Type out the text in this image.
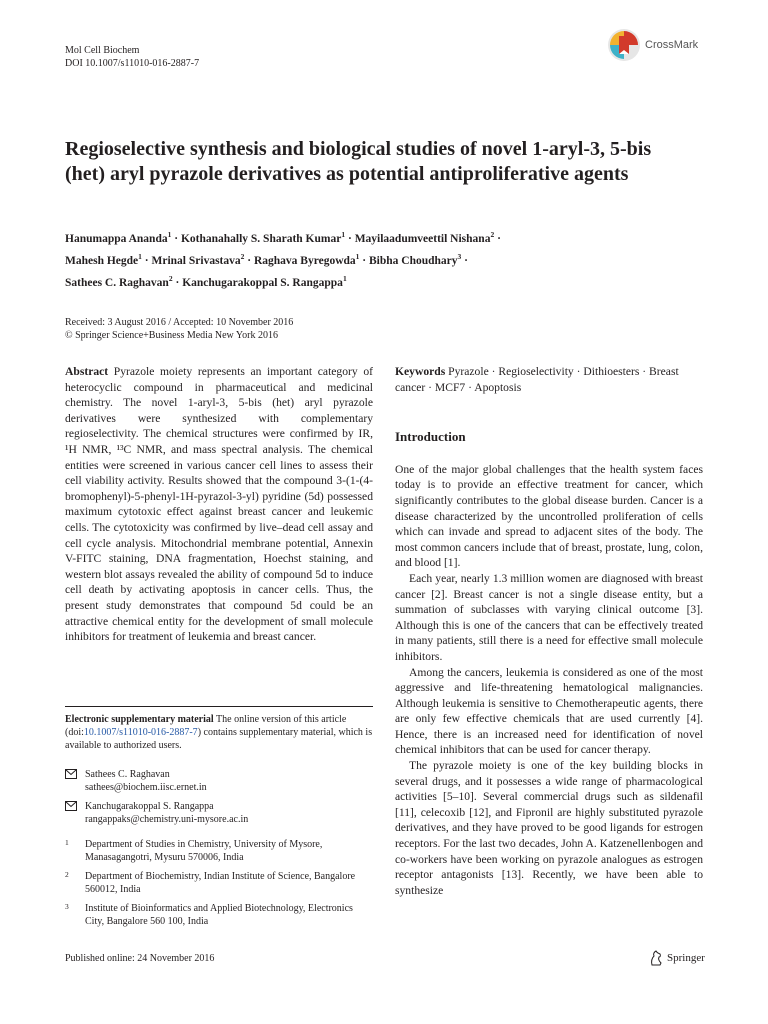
Mol Cell Biochem
DOI 10.1007/s11010-016-2887-7
CrossMark
Regioselective synthesis and biological studies of novel 1-aryl-3, 5-bis (het) aryl pyrazole derivatives as potential antiproliferative agents
Hanumappa Ananda$^1$ · Kothanahally S. Sharath Kumar$^1$ · Mayilaadumveettil Nishana$^2$ ·
Mahesh Hegde$^1$ · Mrinal Srivastava$^2$ · Raghava Byregowda$^1$ · Bibha Choudhary$^3$ ·
Sathees C. Raghavan$^2$ · Kanchugarakoppal S. Rangappa$^1$
Received: 3 August 2016 / Accepted: 10 November 2016
© Springer Science+Business Media New York 2016
Abstract Pyrazole moiety represents an important category of heterocyclic compound in pharmaceutical and medicinal chemistry. The novel 1-aryl-3, 5-bis (het) aryl pyrazole derivatives were synthesized with complementary regioselectivity. The chemical structures were confirmed by IR, ¹H NMR, ¹³C NMR, and mass spectral analysis. The chemical entities were screened in various cancer cell lines to assess their cell viability activity. Results showed that the compound 3-(1-(4-bromophenyl)-5-phenyl-1H-pyrazol-3-yl) pyridine (5d) possessed maximum cytotoxic effect against breast cancer and leukemic cells. The cytotoxicity was confirmed by live–dead cell assay and cell cycle analysis. Mitochondrial membrane potential, Annexin V-FITC staining, DNA fragmentation, Hoechst staining, and western blot assays revealed the ability of compound 5d to induce cell death by activating apoptosis in cancer cells. Thus, the present study demonstrates that compound 5d could be an attractive chemical entity for the development of small molecule inhibitors for treatment of leukemia and breast cancer.
Electronic supplementary material The online version of this article (doi:10.1007/s11010-016-2887-7) contains supplementary material, which is available to authorized users.
Sathees C. Raghavan
sathees@biochem.iisc.ernet.in
Kanchugarakoppal S. Rangappa
rangappaks@chemistry.uni-mysore.ac.in
1	Department of Studies in Chemistry, University of Mysore, Manasagangotri, Mysuru 570006, India
2	Department of Biochemistry, Indian Institute of Science, Bangalore 560012, India
3	Institute of Bioinformatics and Applied Biotechnology, Electronics City, Bangalore 560 100, India
Keywords Pyrazole · Regioselectivity · Dithioesters · Breast cancer · MCF7 · Apoptosis
Introduction

One of the major global challenges that the health system faces today is to provide an effective treatment for cancer, which significantly contributes to the global disease burden. Cancer is a disease characterized by the uncontrolled proliferation of cells which can invade and spread to adjacent sites of the body. The most common cancers include that of breast, prostate, lung, colon, and blood [1].

Each year, nearly 1.3 million women are diagnosed with breast cancer [2]. Breast cancer is not a single disease entity, but a summation of subclasses with varying clinical outcome [3]. Although this is one of the cancers that can be effectively treated in many patients, still there is a need for effective small molecule inhibitors.

Among the cancers, leukemia is considered as one of the most aggressive and life-threatening hematological malignancies. Although leukemia is sensitive to Chemotherapeutic agents, there are only few effective chemicals that are used currently [4]. Hence, there is an increased need for identification of novel chemical inhibitors that can be used for cancer therapy.

The pyrazole moiety is one of the key building blocks in several drugs, and it possesses a wide range of pharmacological activities [5–10]. Several commercial drugs such as sildenafil [11], celecoxib [12], and Fipronil are highly substituted pyrazole derivatives, and they have proved to be good ligands for estrogen receptors. For the last two decades, John A. Katzenellenbogen and co-workers have been working on pyrazole analogues as estrogen receptor antagonists [13]. Recently, we have been able to synthesize

Published online: 24 November 2016	Springer
